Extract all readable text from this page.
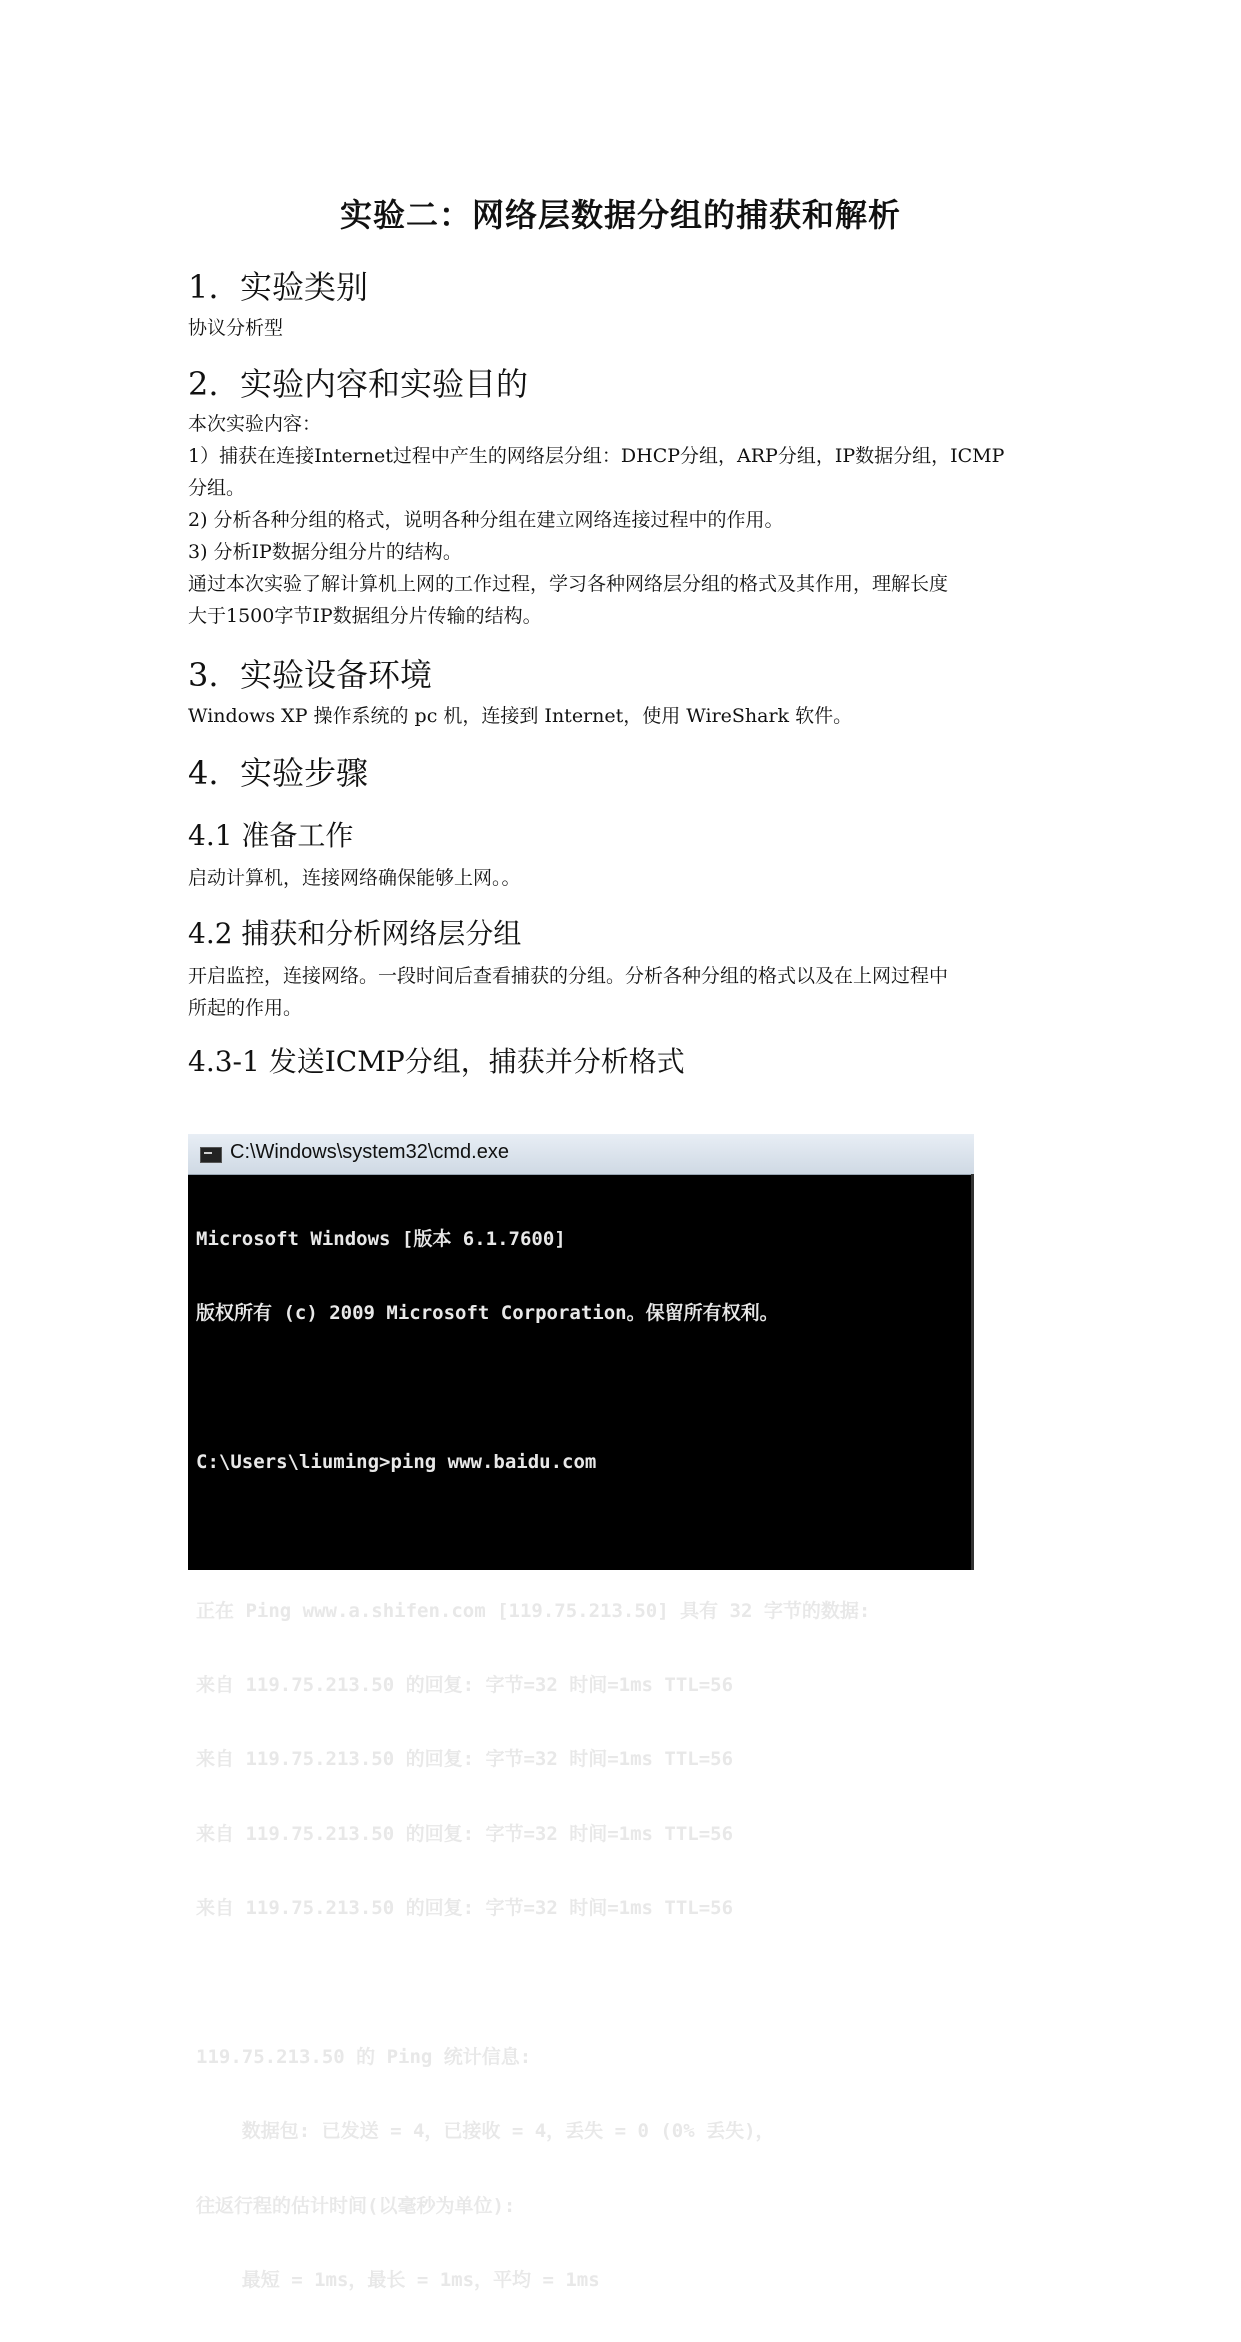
实验二：网络层数据分组的捕获和解析
1. 实验类别
协议分析型
2. 实验内容和实验目的
本次实验内容：
1）捕获在连接Internet过程中产生的网络层分组：DHCP分组，ARP分组，IP数据分组，ICMP
分组。
2) 分析各种分组的格式，说明各种分组在建立网络连接过程中的作用。
3) 分析IP数据分组分片的结构。
通过本次实验了解计算机上网的工作过程，学习各种网络层分组的格式及其作用，理解长度
大于1500字节IP数据组分片传输的结构。
3. 实验设备环境
Windows XP 操作系统的 pc 机，连接到 Internet，使用 WireShark 软件。
4. 实验步骤
4.1 准备工作
启动计算机，连接网络确保能够上网。。
4.2 捕获和分析网络层分组
开启监控，连接网络。一段时间后查看捕获的分组。分析各种分组的格式以及在上网过程中
所起的作用。
4.3-1 发送ICMP分组，捕获并分析格式
C:\Windows\system32\cmd.exe

Microsoft Windows [版本 6.1.7600]

版权所有 (c) 2009 Microsoft Corporation。保留所有权利。

C:\Users\liuming>ping www.baidu.com

正在 Ping www.a.shifen.com [119.75.213.50] 具有 32 字节的数据:

来自 119.75.213.50 的回复: 字节=32 时间=1ms TTL=56

来自 119.75.213.50 的回复: 字节=32 时间=1ms TTL=56

来自 119.75.213.50 的回复: 字节=32 时间=1ms TTL=56

来自 119.75.213.50 的回复: 字节=32 时间=1ms TTL=56

119.75.213.50 的 Ping 统计信息:

数据包: 已发送 = 4，已接收 = 4，丢失 = 0 (0% 丢失)，

往返行程的估计时间(以毫秒为单位):

最短 = 1ms，最长 = 1ms，平均 = 1ms
